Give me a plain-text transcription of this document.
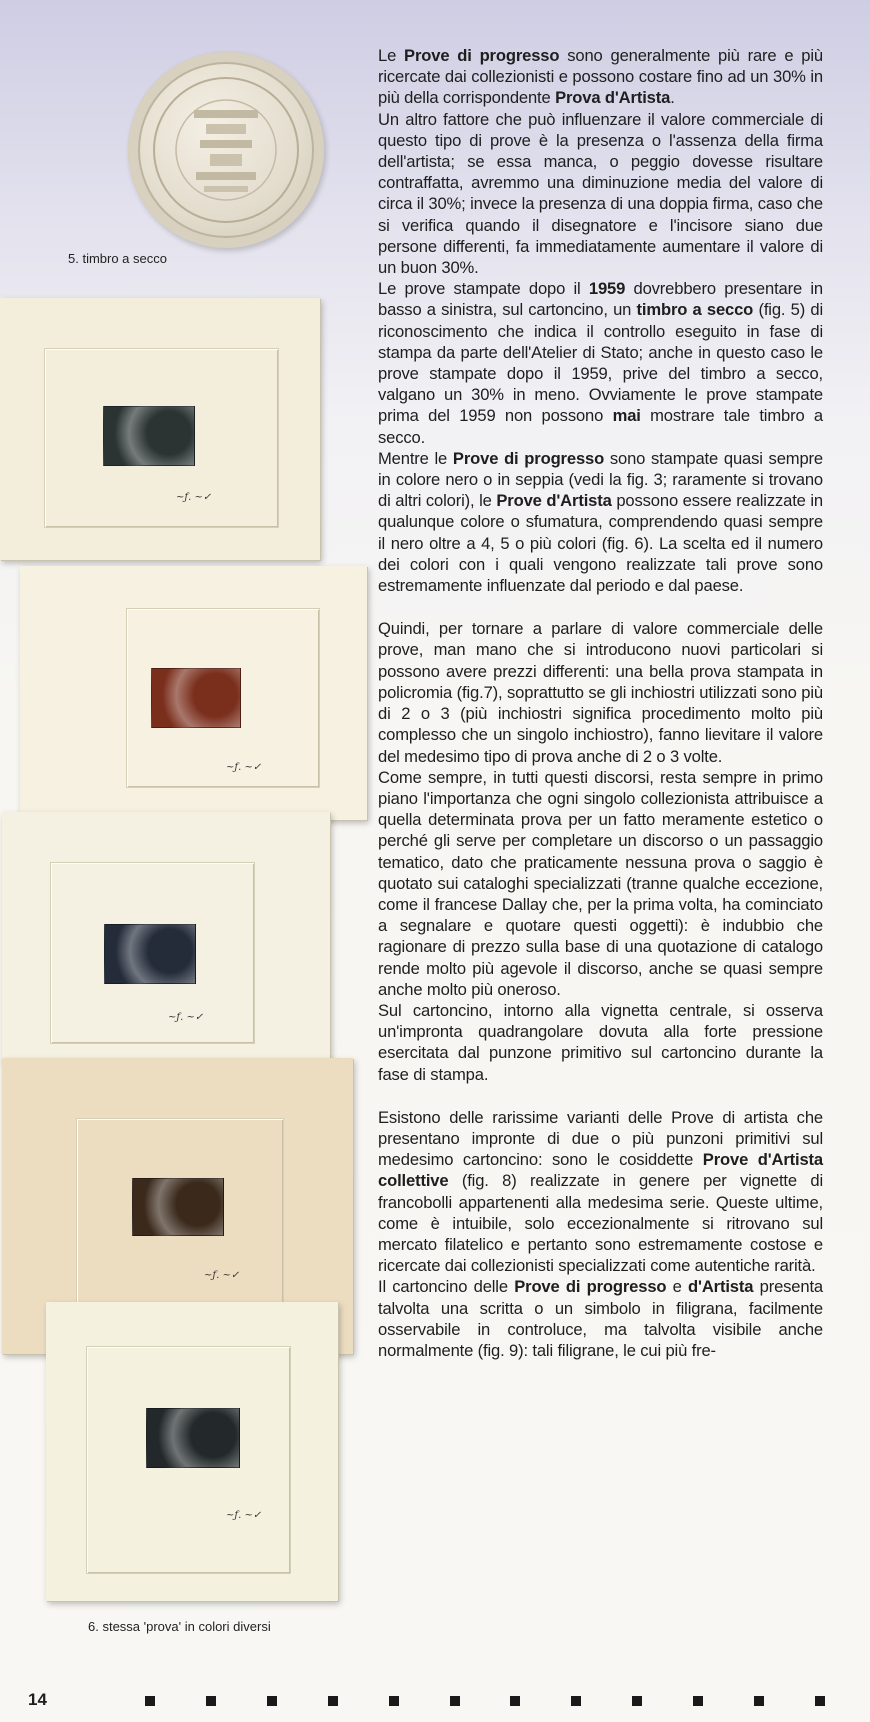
5. timbro a secco
~ƒ. ~✓
~ƒ. ~✓
~ƒ. ~✓
~ƒ. ~✓
~ƒ. ~✓
6. stessa 'prova' in colori diversi

Le Prove di progresso sono generalmente più rare e più ricercate dai collezionisti e possono costare fino ad un 30% in più della corrispondente Prova d'Artista.

Un altro fattore che può influenzare il valore commerciale di questo tipo di prove è la presenza o l'assenza della firma dell'artista; se essa manca, o peggio dovesse risultare contraffatta, avremmo una diminuzione media del valore di circa il 30%; invece la presenza di una doppia firma, caso che si verifica quando il disegnatore e l'incisore siano due persone differenti, fa immediatamente aumentare il valore di un buon 30%.

Le prove stampate dopo il 1959 dovrebbero presentare in basso a sinistra, sul cartoncino, un timbro a secco (fig. 5) di riconoscimento che indica il controllo eseguito in fase di stampa da parte dell'Atelier di Stato; anche in questo caso le prove stampate dopo il 1959, prive del timbro a secco, valgano un 30% in meno. Ovviamente le prove stampate prima del 1959 non possono mai mostrare tale timbro a secco.

Mentre le Prove di progresso sono stampate quasi sempre in colore nero o in seppia (vedi la fig. 3; raramente si trovano di altri colori), le Prove d'Artista possono essere realizzate in qualunque colore o sfumatura, comprendendo quasi sempre il nero oltre a 4, 5 o più colori (fig. 6). La scelta ed il numero dei colori con i quali vengono realizzate tali prove sono estremamente influenzate dal periodo e dal paese.

Quindi, per tornare a parlare di valore commerciale delle prove, man mano che si introducono nuovi particolari si possono avere prezzi differenti: una bella prova stampata in policromia (fig.7), soprattutto se gli inchiostri utilizzati sono più di 2 o 3 (più inchiostri significa procedimento molto più complesso che un singolo inchiostro), fanno lievitare il valore del medesimo tipo di prova anche di 2 o 3 volte.

Come sempre, in tutti questi discorsi, resta sempre in primo piano l'importanza che ogni singolo collezionista attribuisce a quella determinata prova per un fatto meramente estetico o perché gli serve per completare un discorso o un passaggio tematico, dato che praticamente nessuna prova o saggio è quotato sui cataloghi specializzati (tranne qualche eccezione, come il francese Dallay che, per la prima volta, ha cominciato a segnalare e quotare questi oggetti): è indubbio che ragionare di prezzo sulla base di una quotazione di catalogo rende molto più agevole il discorso, anche se quasi sempre anche molto più oneroso.

Sul cartoncino, intorno alla vignetta centrale, si osserva un'impronta quadrangolare dovuta alla forte pressione esercitata dal punzone primitivo sul cartoncino durante la fase di stampa.

Esistono delle rarissime varianti delle Prove di artista che presentano impronte di due o più punzoni primitivi sul medesimo cartoncino: sono le cosiddette Prove d'Artista collettive (fig. 8) realizzate in genere per vignette di francobolli appartenenti alla medesima serie. Queste ultime, come è intuibile, solo eccezionalmente si ritrovano sul mercato filatelico e pertanto sono estremamente costose e ricercate dai collezionisti specializzati come autentiche rarità.

Il cartoncino delle Prove di progresso e d'Artista presenta talvolta una scritta o un simbolo in filigrana, facilmente osservabile in controluce, ma talvolta visibile anche normalmente (fig. 9): tali filigrane, le cui più fre-

14
